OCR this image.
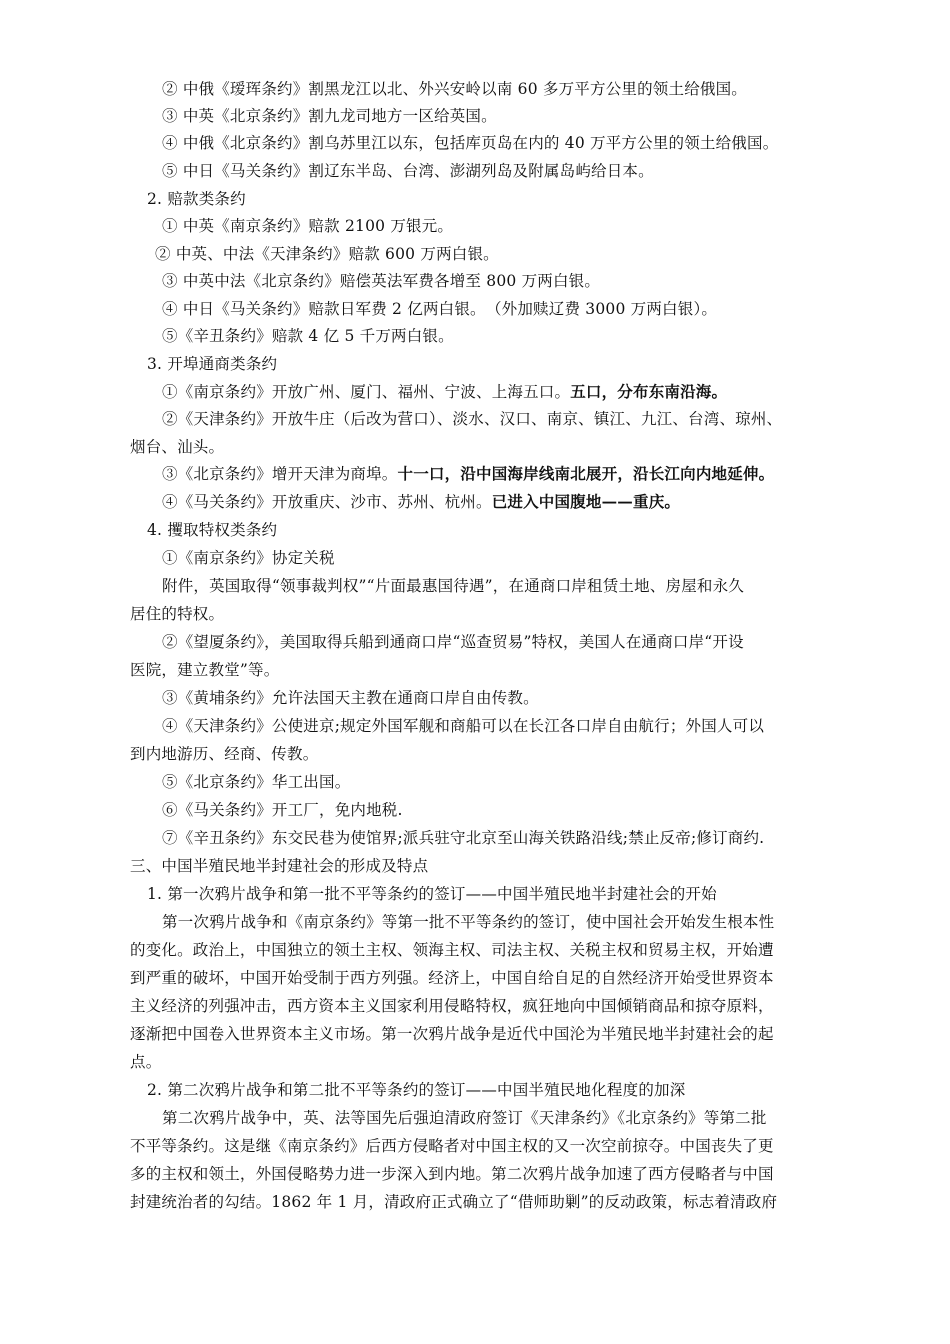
② 中俄《瑷珲条约》割黑龙江以北、外兴安岭以南 60 多万平方公里的领土给俄国。
③ 中英《北京条约》割九龙司地方一区给英国。
④ 中俄《北京条约》割乌苏里江以东，包括库页岛在内的 40 万平方公里的领土给俄国。
⑤ 中日《马关条约》割辽东半岛、台湾、澎湖列岛及附属岛屿给日本。
2. 赔款类条约
① 中英《南京条约》赔款 2100 万银元。
② 中英、中法《天津条约》赔款 600 万两白银。
③ 中英中法《北京条约》赔偿英法军费各增至 800 万两白银。
④ 中日《马关条约》赔款日军费 2 亿两白银。　（外加赎辽费 3000 万两白银）。
⑤《辛丑条约》赔款 4 亿 5 千万两白银。
3. 开埠通商类条约
①《南京条约》开放广州、厦门、福州、宁波、上海五口。五口，分布东南沿海。
②《天津条约》开放牛庄（后改为营口）、淡水、汉口、南京、镇江、九江、台湾、琼州、
烟台、汕头。
③《北京条约》增开天津为商埠。十一口，沿中国海岸线南北展开，沿长江向内地延伸。
④《马关条约》开放重庆、沙市、苏州、杭州。已进入中国腹地——重庆。
4. 攫取特权类条约
①《南京条约》协定关税
附件，英国取得“领事裁判权”“片面最惠国待遇”，在通商口岸租赁土地、房屋和永久
居住的特权。
②《望厦条约》，美国取得兵船到通商口岸“巡查贸易”特权，美国人在通商口岸“开设
医院，建立教堂”等。
③《黄埔条约》允许法国天主教在通商口岸自由传教。
④《天津条约》公使进京;规定外国军舰和商船可以在长江各口岸自由航行；外国人可以
到内地游历、经商、传教。
⑤《北京条约》华工出国。
⑥《马关条约》开工厂，免内地税.
⑦《辛丑条约》东交民巷为使馆界;派兵驻守北京至山海关铁路沿线;禁止反帝;修订商约.
三、中国半殖民地半封建社会的形成及特点
1. 第一次鸦片战争和第一批不平等条约的签订——中国半殖民地半封建社会的开始
第一次鸦片战争和《南京条约》等第一批不平等条约的签订，使中国社会开始发生根本性
的变化。政治上，中国独立的领土主权、领海主权、司法主权、关税主权和贸易主权，开始遭
到严重的破坏，中国开始受制于西方列强。经济上，中国自给自足的自然经济开始受世界资本
主义经济的列强冲击，西方资本主义国家利用侵略特权，疯狂地向中国倾销商品和掠夺原料，
逐渐把中国卷入世界资本主义市场。第一次鸦片战争是近代中国沦为半殖民地半封建社会的起
点。
2. 第二次鸦片战争和第二批不平等条约的签订——中国半殖民地化程度的加深
第二次鸦片战争中，英、法等国先后强迫清政府签订《天津条约》《北京条约》等第二批
不平等条约。这是继《南京条约》后西方侵略者对中国主权的又一次空前掠夺。中国丧失了更
多的主权和领土，外国侵略势力进一步深入到内地。第二次鸦片战争加速了西方侵略者与中国
封建统治者的勾结。1862 年 1 月，清政府正式确立了“借师助剿”的反动政策，标志着清政府
